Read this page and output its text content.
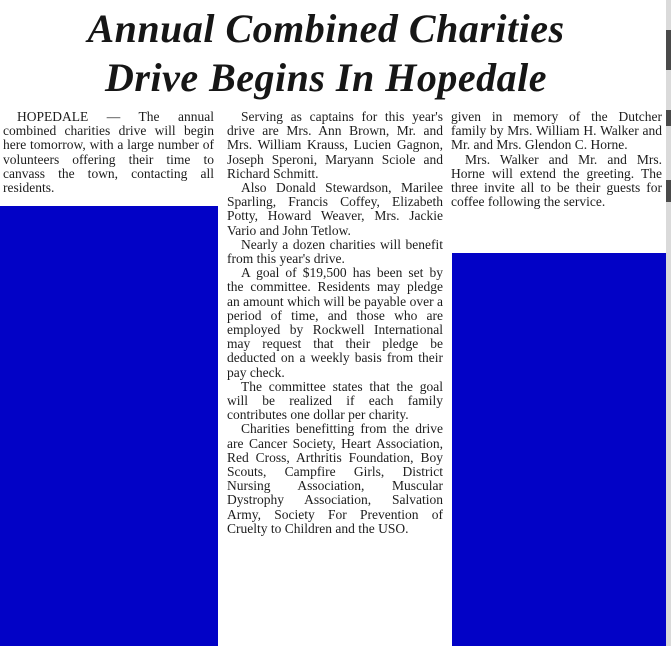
Annual Combined Charities
Drive Begins In Hopedale

HOPEDALE — The annual combined charities drive will begin here tomorrow, with a large number of volunteers offering their time to canvass the town, contacting all residents.

Serving as captains for this year's drive are Mrs. Ann Brown, Mr. and Mrs. William Krauss, Lucien Gagnon, Joseph Speroni, Maryann Sciole and Richard Schmitt.

Also Donald Stewardson, Marilee Sparling, Francis Coffey, Elizabeth Potty, Howard Weaver, Mrs. Jackie Vario and John Tetlow.

Nearly a dozen charities will benefit from this year's drive.

A goal of $19,500 has been set by the committee. Residents may pledge an amount which will be payable over a period of time, and those who are employed by Rockwell International may request that their pledge be deducted on a weekly basis from their pay check.

The committee states that the goal will be realized if each family contributes one dollar per charity.

Charities benefitting from the drive are Cancer Society, Heart Association, Red Cross, Arthritis Foundation, Boy Scouts, Campfire Girls, District Nursing Association, Muscular Dystrophy Association, Salvation Army, Society For Prevention of Cruelty to Children and the USO.

given in memory of the Dutcher family by Mrs. William H. Walker and Mr. and Mrs. Glendon C. Horne.

Mrs. Walker and Mr. and Mrs. Horne will extend the greeting. The three invite all to be their guests for coffee following the service.
